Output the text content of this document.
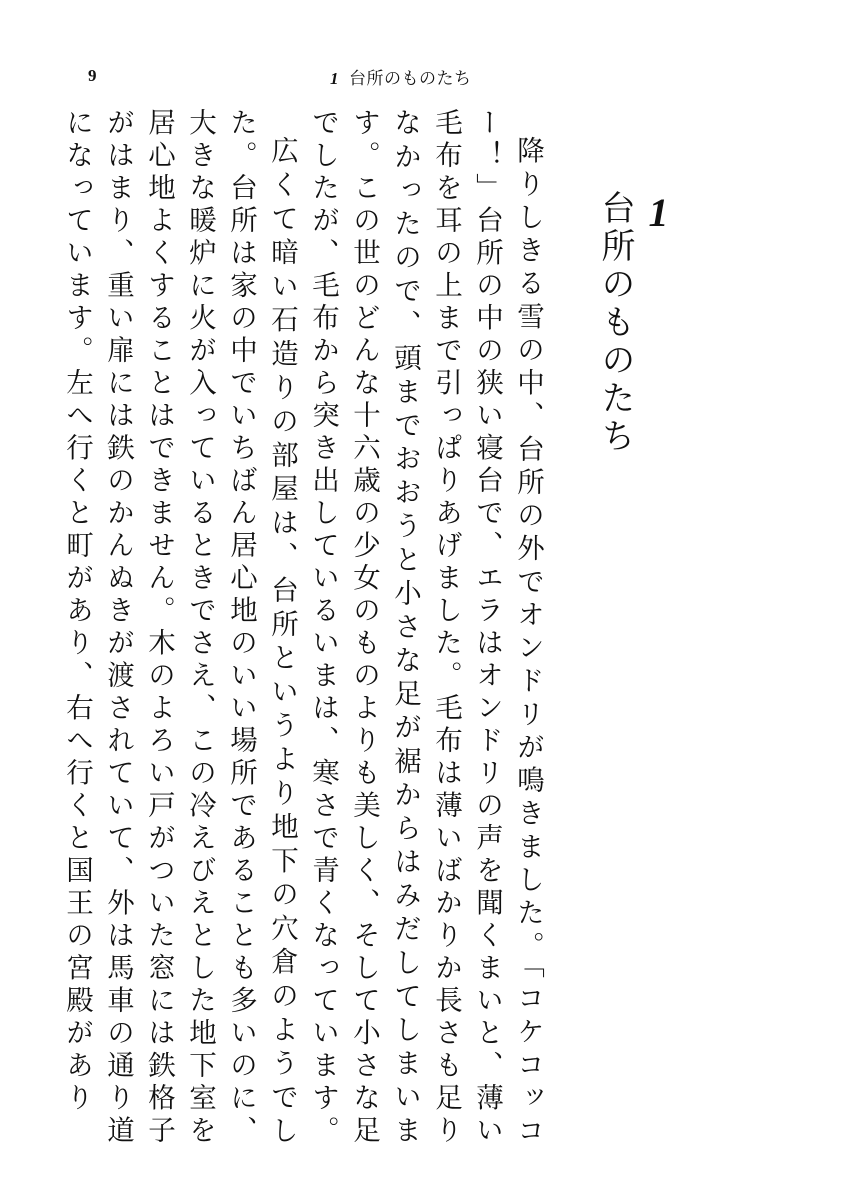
9	1 台所のものたち
1
台所のものたち

降りしきる雪の中、台所の外でオンドリが鳴きました。「コケコッコー！」台所の中の狭い寝台で、エラはオンドリの声を聞くまいと、薄い毛布を耳の上まで引っぱりあげました。毛布は薄いばかりか長さも足りなかったので、頭までおおうと小さな足が裾からはみだしてしまいます。この世のどんな十六歳の少女のものよりも美しく、そして小さな足でしたが、毛布から突き出しているいまは、寒さで青くなっています。

広くて暗い石造りの部屋は、台所というより地下の穴倉のようでした。台所は家の中でいちばん居心地のいい場所であることも多いのに、大きな暖炉に火が入っているときでさえ、この冷えびえとした地下室を居心地よくすることはできません。木のよろい戸がついた窓には鉄格子がはまり、重い扉には鉄のかんぬきが渡されていて、外は馬車の通り道になっています。左へ行くと町があり、右へ行くと国王の宮殿があり
